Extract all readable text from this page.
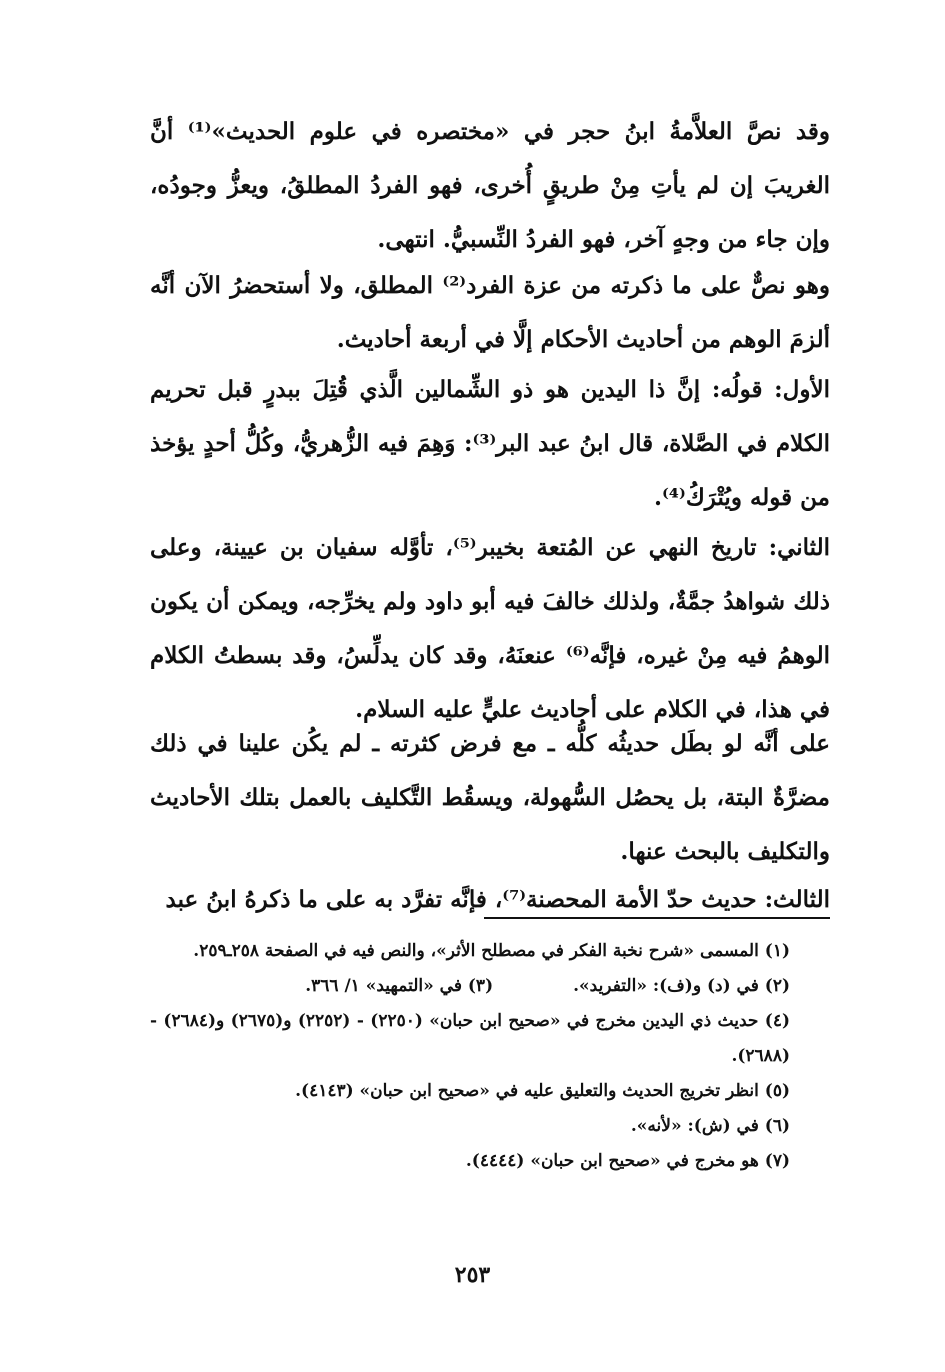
وقد نصَّ العلاَّمةُ ابنُ حجر في «مختصره في علوم الحديث»⁽¹⁾ أنَّ الغريبَ إن لم يأتِ مِنْ طريقٍ أُخرى، فهو الفردُ المطلقُ، ويعزُّ وجودُه، وإن جاء من وجهٍ آخر، فهو الفردُ النِّسبيُّ. انتهى.

وهو نصٌّ على ما ذكرته من عزة الفرد⁽²⁾ المطلق، ولا أستحضرُ الآن أنَّه ألزمَ الوهم من أحاديث الأحكام إلَّا في أربعة أحاديث.

الأول: قولُه: إنَّ ذا اليدين هو ذو الشِّمالين الَّذي قُتِلَ ببدرٍ قبل تحريم الكلام في الصَّلاة، قال ابنُ عبد البر⁽³⁾: وَهِمَ فيه الزُّهريُّ، وكُلُّ أحدٍ يؤخذ من قوله ويُتْرَكُ⁽⁴⁾.

الثاني: تاريخ النهي عن المُتعة بخيبر⁽⁵⁾، تأوَّله سفيان بن عيينة، وعلى ذلك شواهدُ جمَّةٌ، ولذلك خالفَ فيه أبو داود ولم يخرِّجه، ويمكن أن يكون الوهمُ فيه مِنْ غيره، فإنَّه⁽⁶⁾ عنعنَهُ، وقد كان يدلِّسُ، وقد بسطتُ الكلام في هذا، في الكلام على أحاديث عليٍّ عليه السلام.

على أنَّه لو بطَل حديثُه كلُّه ـ مع فرض كثرته ـ لم يكُن علينا في ذلك مضرَّةٌ البتة، بل يحصُل السُّهولة، ويسقُط التَّكليف بالعمل بتلك الأحاديث والتكليف بالبحث عنها.

الثالث: حديث حدّ الأمة المحصنة⁽⁷⁾، فإنَّه تفرَّد به على ما ذكرهُ ابنُ عبد

(١) المسمى «شرح نخبة الفكر في مصطلح الأثر»، والنص فيه في الصفحة ٢٥٨ـ٢٥٩.
(٢) في (د) و(ف): «التفريد».
(٣) في «التمهيد» ١/ ٣٦٦.
(٤) حديث ذي اليدين مخرج في «صحيح ابن حبان» (٢٢٥٠) - (٢٢٥٢) و(٢٦٧٥) و(٢٦٨٤) - (٢٦٨٨).
(٥) انظر تخريج الحديث والتعليق عليه في «صحيح ابن حبان» (٤١٤٣).
(٦) في (ش): «لأنه».
(٧) هو مخرج في «صحيح ابن حبان» (٤٤٤٤).
٢٥٣
